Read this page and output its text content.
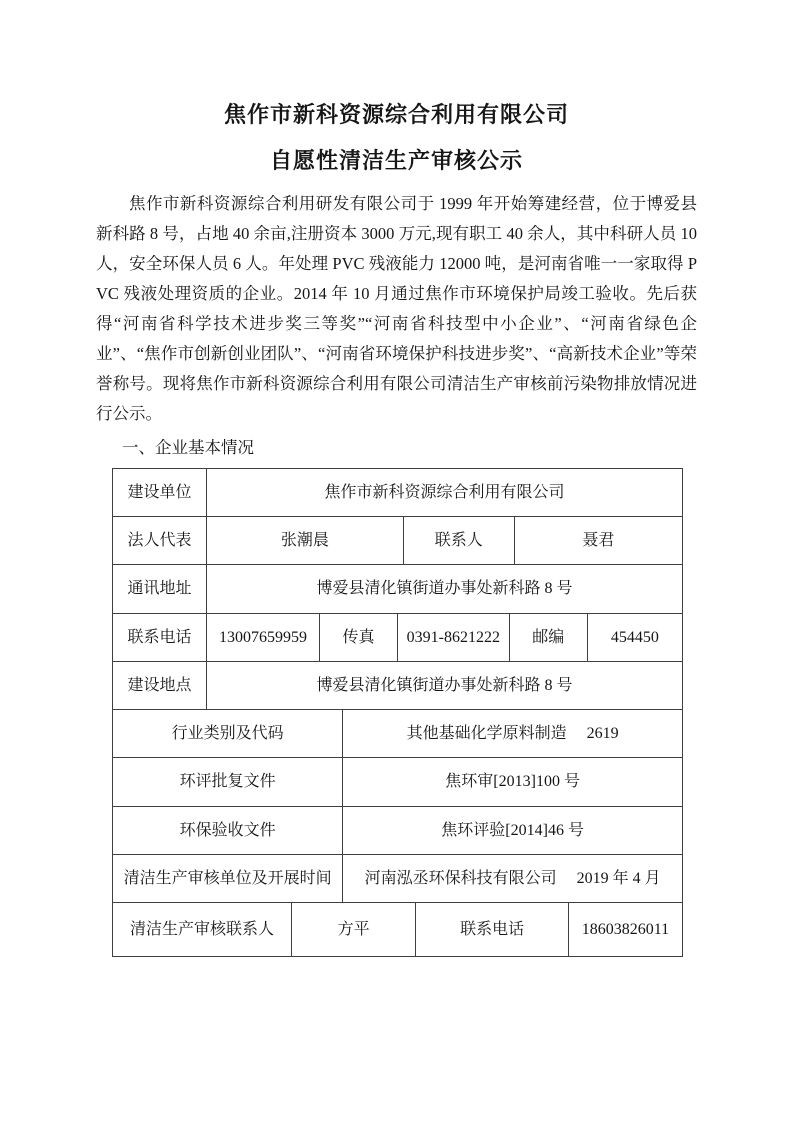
焦作市新科资源综合利用有限公司
自愿性清洁生产审核公示

焦作市新科资源综合利用研发有限公司于 1999 年开始筹建经营，位于博爱县新科路 8 号，占地 40 余亩,注册资本 3000 万元,现有职工 40 余人，其中科研人员 10 人，安全环保人员 6 人。年处理 PVC 残液能力 12000 吨，是河南省唯一一家取得 PVC 残液处理资质的企业。2014 年 10 月通过焦作市环境保护局竣工验收。先后获得“河南省科学技术进步奖三等奖”“河南省科技型中小企业”、“河南省绿色企业”、“焦作市创新创业团队”、“河南省环境保护科技进步奖”、“高新技术企业”等荣誉称号。现将焦作市新科资源综合利用有限公司清洁生产审核前污染物排放情况进行公示。

一、企业基本情况
建设单位	焦作市新科资源综合利用有限公司
法人代表	张潮晨	联系人	聂君
通讯地址	博爱县清化镇街道办事处新科路 8 号
联系电话	13007659959	传真	0391-8621222	邮编	454450
建设地点	博爱县清化镇街道办事处新科路 8 号
行业类别及代码	其他基础化学原料制造　 2619
环评批复文件	焦环审[2013]100 号
环保验收文件	焦环评验[2014]46 号
清洁生产审核单位及开展时间	河南泓丞环保科技有限公司　 2019 年 4 月
清洁生产审核联系人	方平	联系电话	18603826011
